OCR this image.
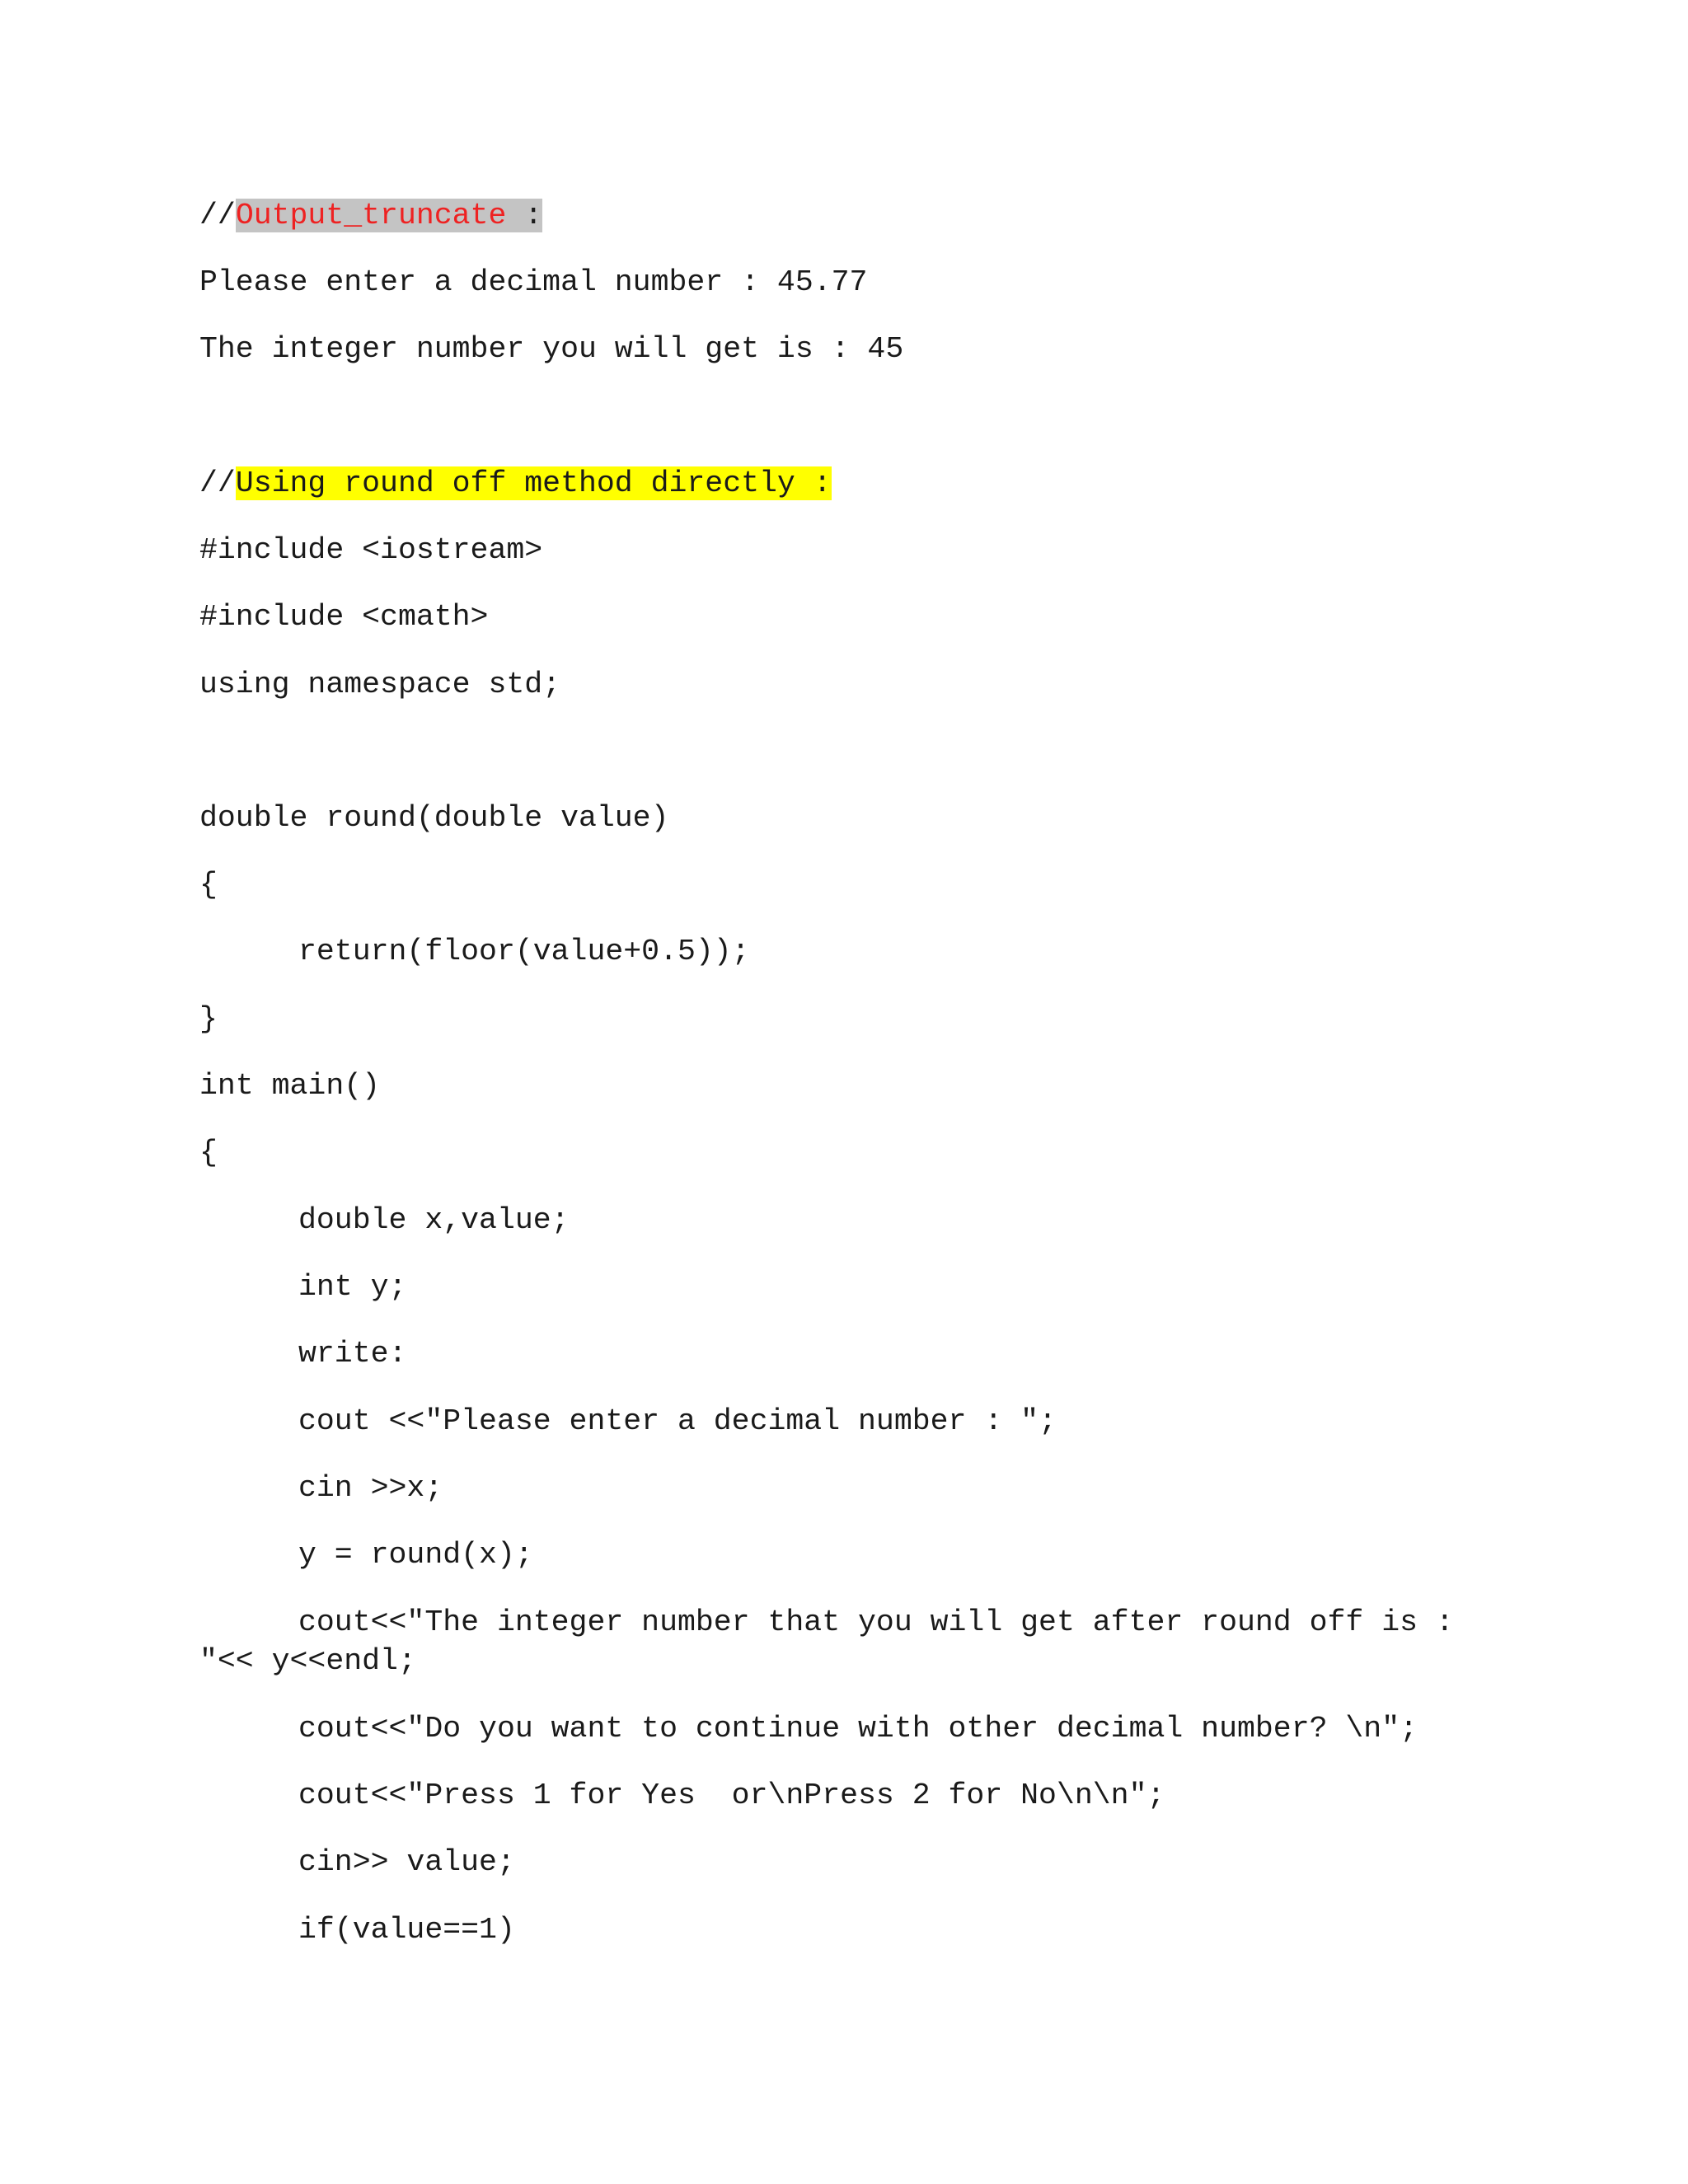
//Output_truncate :
Please enter a decimal number : 45.77
The integer number you will get is : 45
//Using round off method directly :
#include <iostream>
#include <cmath>
using namespace std;
double round(double value)
{
return(floor(value+0.5));
}
int main()
{
double x,value;
int y;
write:
cout <<"Please enter a decimal number : ";
cin >>x;
y = round(x);
cout<<"The integer number that you will get after round off is :
"<< y<<endl;
cout<<"Do you want to continue with other decimal number? \n";
cout<<"Press 1 for Yes  or\nPress 2 for No\n\n";
cin>> value;
if(value==1)
